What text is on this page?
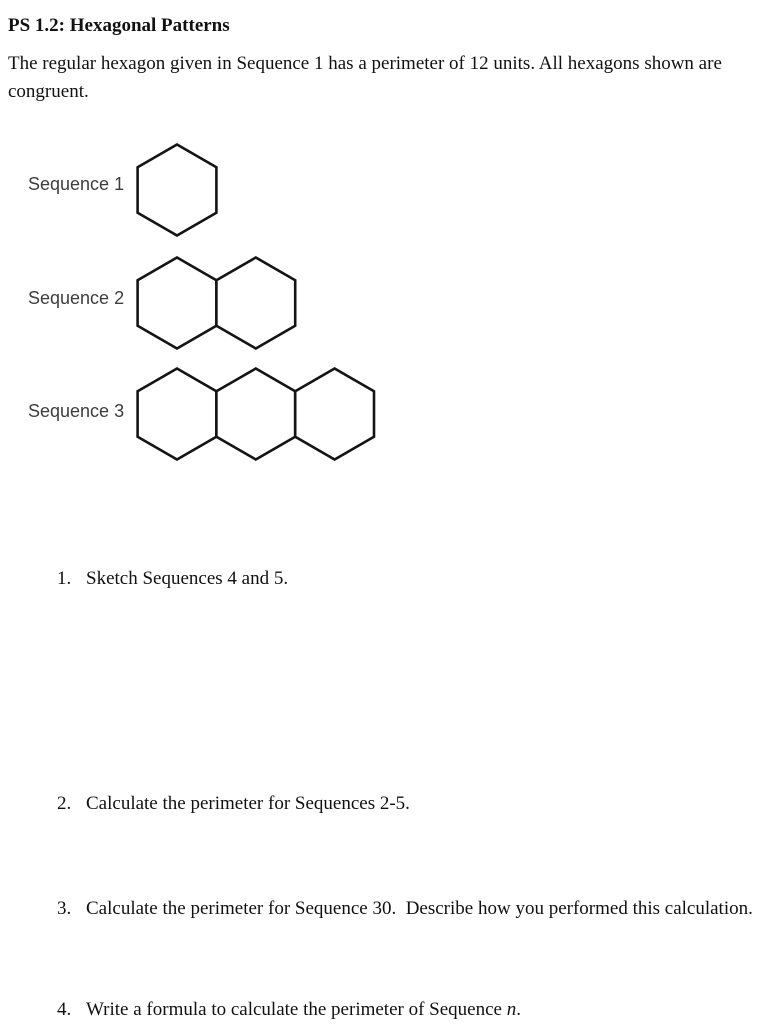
PS 1.2: Hexagonal Patterns
The regular hexagon given in Sequence 1 has a perimeter of 12 units. All hexagons shown are
congruent.
Sequence 1
Sequence 2
Sequence 3

1. Sketch Sequences 4 and 5.

2. Calculate the perimeter for Sequences 2-5.

3. Calculate the perimeter for Sequence 30.  Describe how you performed this calculation.

4. Write a formula to calculate the perimeter of Sequence n.
